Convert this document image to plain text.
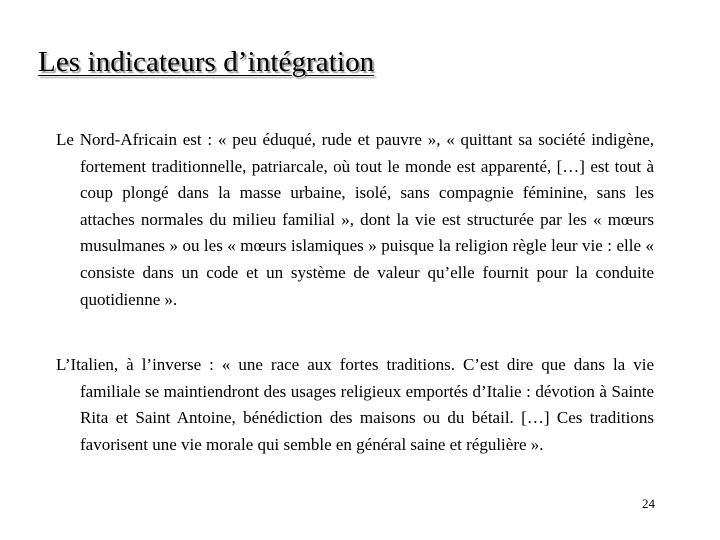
Les indicateurs d’intégration

Le Nord-Africain est : « peu éduqué, rude et pauvre », « quittant sa société indigène, fortement traditionnelle, patriarcale, où tout le monde est apparenté, […] est tout à coup plongé dans la masse urbaine, isolé, sans compagnie féminine, sans les attaches normales du milieu familial », dont la vie est structurée par les « mœurs musulmanes » ou les « mœurs islamiques » puisque la religion règle leur vie : elle « consiste dans un code et un système de valeur qu’elle fournit pour la conduite quotidienne ».

L’Italien, à l’inverse : « une race aux fortes traditions. C’est dire que dans la vie familiale se maintiendront des usages religieux emportés d’Italie : dévotion à Sainte Rita et Saint Antoine, bénédiction des maisons ou du bétail. […] Ces traditions favorisent une vie morale qui semble en général saine et régulière ».

24
